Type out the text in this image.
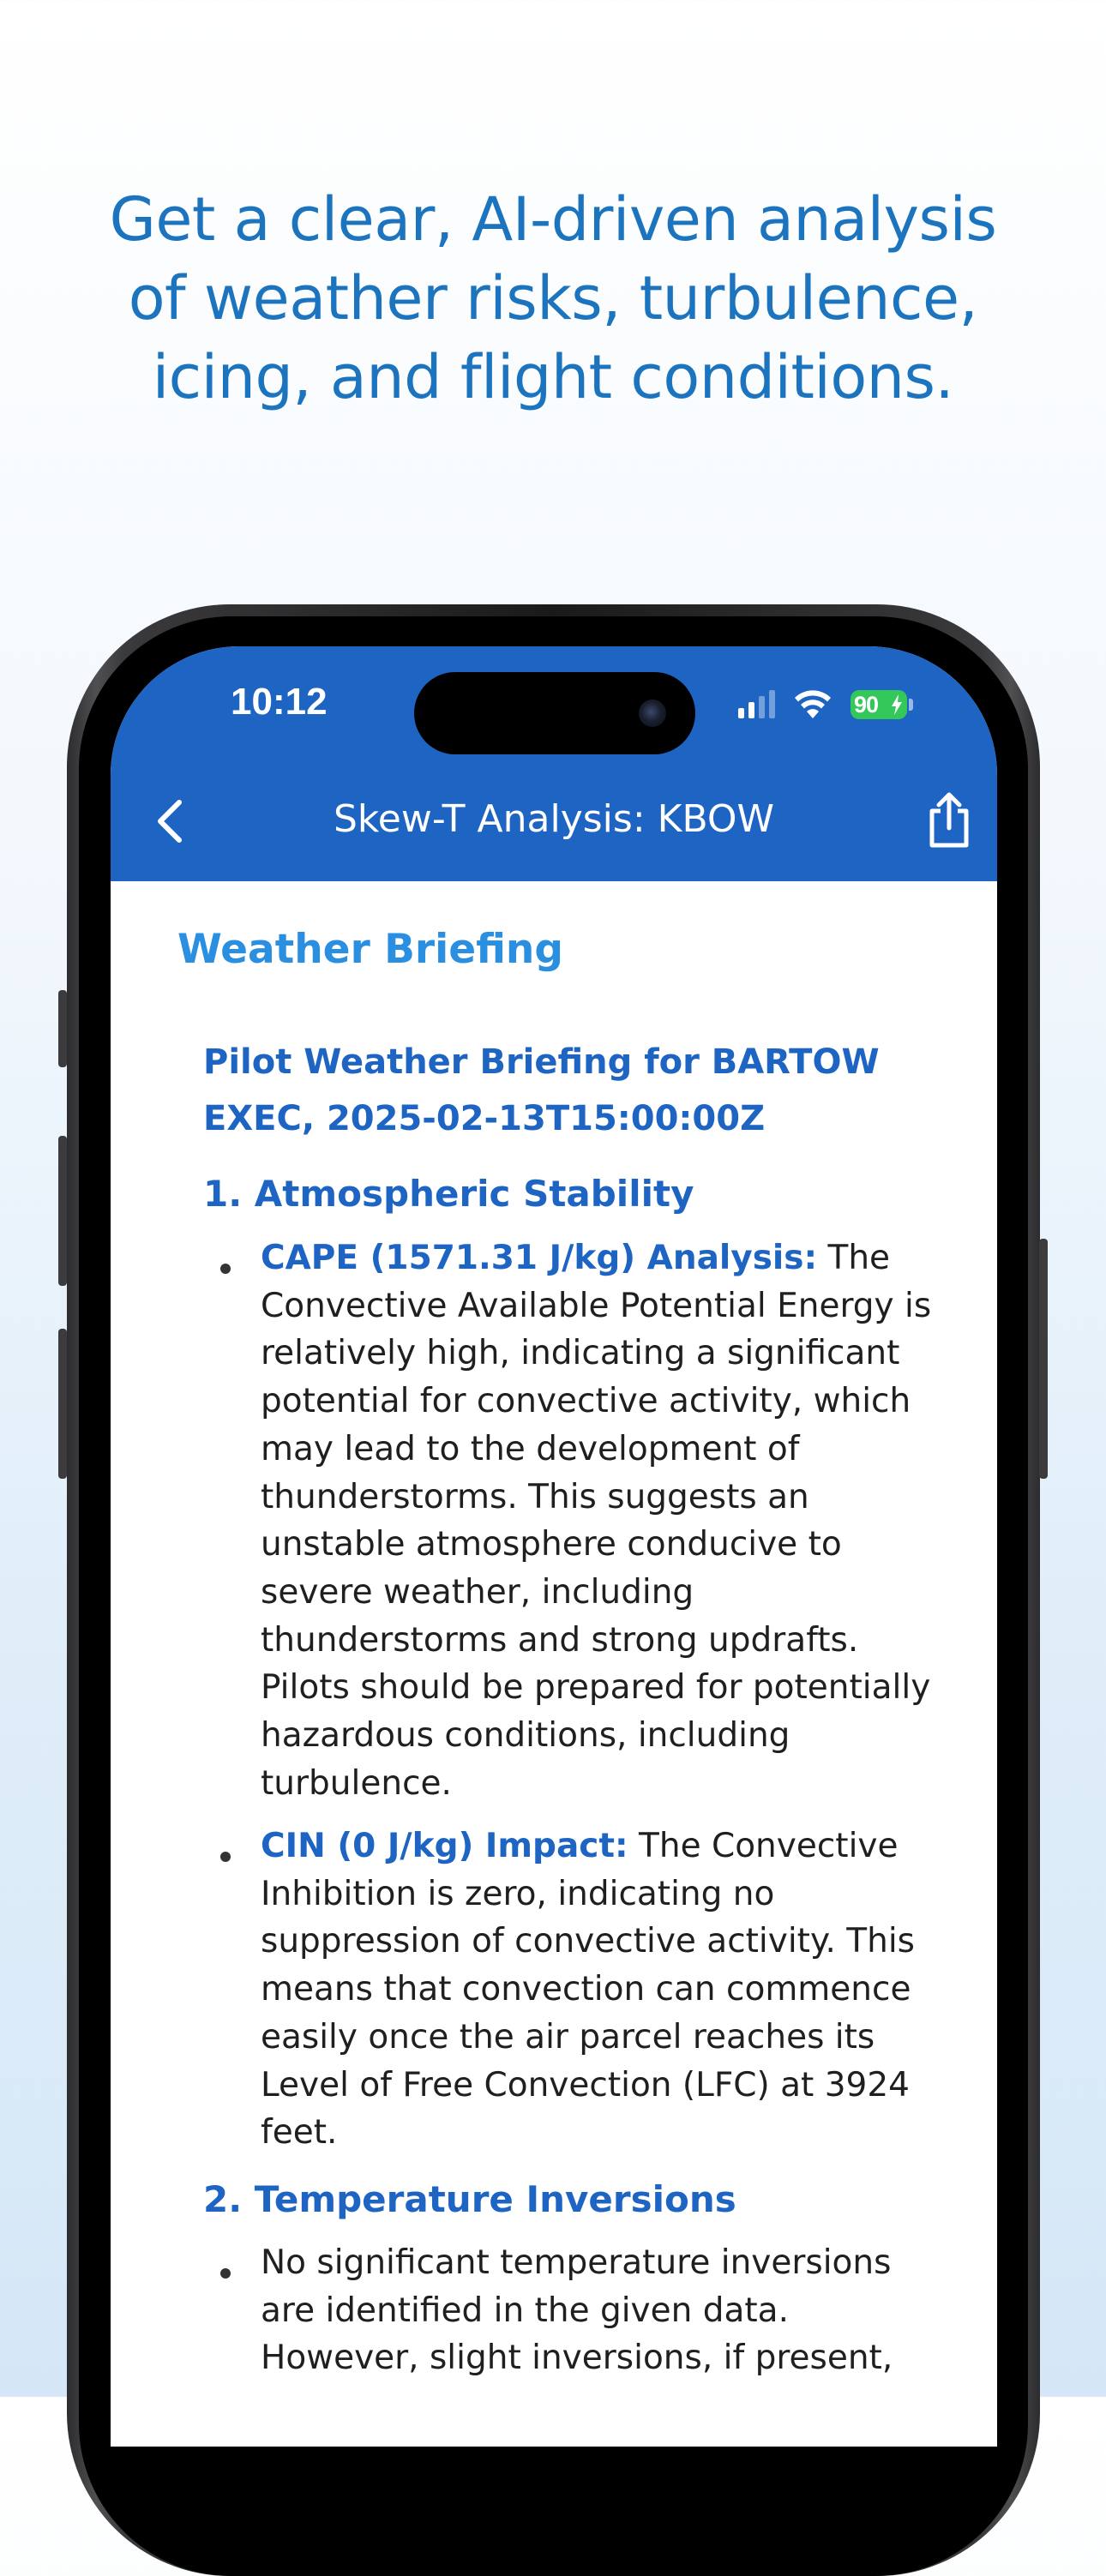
Get a clear, AI-driven analysis
of weather risks, turbulence,
icing, and flight conditions.
10:12	90
Skew-T Analysis: KBOW
Weather Briefing
Pilot Weather Briefing for BARTOW
EXEC, 2025-02-13T15:00:00Z
1. Atmospheric Stability

CAPE (1571.31 J/kg) Analysis: The Convective Available Potential Energy is relatively high, indicating a significant potential for convective activity, which may lead to the development of thunderstorms. This suggests an unstable atmosphere conducive to severe weather, including thunderstorms and strong updrafts. Pilots should be prepared for potentially hazardous conditions, including turbulence.

CIN (0 J/kg) Impact: The Convective Inhibition is zero, indicating no suppression of convective activity. This means that convection can commence easily once the air parcel reaches its Level of Free Convection (LFC) at 3924 feet.

2. Temperature Inversions

No significant temperature inversions are identified in the given data. However, slight inversions, if present,
